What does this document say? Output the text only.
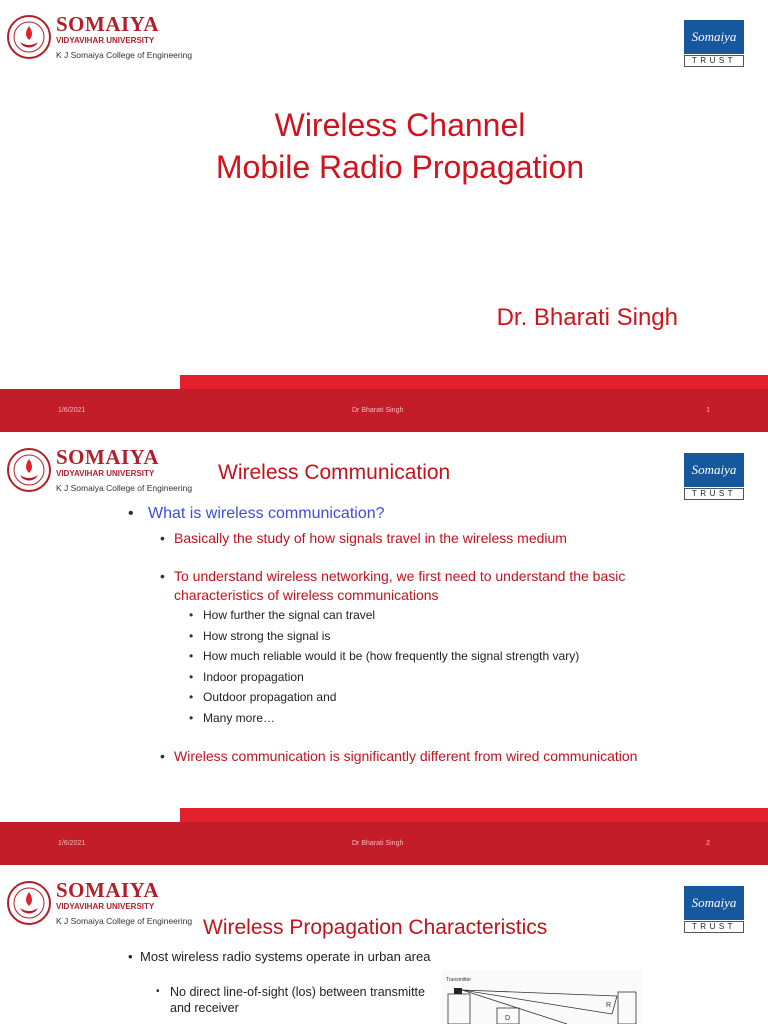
SOMAIYA
VIDYAVIHAR UNIVERSITY
K J Somaiya College of Engineering
Somaiya
TRUST
Wireless Channel
Mobile Radio Propagation
Dr. Bharati Singh
1/6/2021	Dr Bharati Singh	1
SOMAIYA
VIDYAVIHAR UNIVERSITY
K J Somaiya College of Engineering
Somaiya
TRUST
Wireless Communication
• What is wireless communication?
• Basically the study of how signals travel in the wireless medium
• To understand wireless networking, we first need to understand the basic characteristics of wireless communications
• How further the signal can travel
• How strong the signal is
• How much reliable would it be (how frequently the signal strength vary)
• Indoor propagation
• Outdoor propagation and
• Many more…
• Wireless communication is significantly different from wired communication
1/6/2021	Dr Bharati Singh	2
SOMAIYA
VIDYAVIHAR UNIVERSITY
K J Somaiya College of Engineering
Somaiya
TRUST
Wireless Propagation Characteristics
• Most wireless radio systems operate in urban area
• No direct line-of-sight (los) between transmitte
and receiver
Transmitter
D
R
